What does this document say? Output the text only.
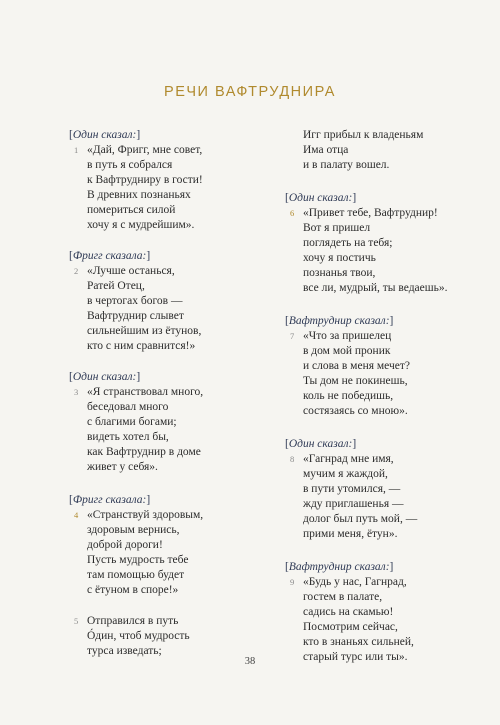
РЕЧИ ВАФТРУДНИРА
[Один сказал:]
1 «Дай, Фригг, мне совет,
в путь я собрался
к Вафтрудниру в гости!
В древних познаньях
помериться силой
хочу я с мудрейшим».
[Фригг сказала:]
2 «Лучше останься,
Ратей Отец,
в чертогах богов —
Вафтруднир слывет
сильнейшим из ётунов,
кто с ним сравнится!»
[Один сказал:]
3 «Я странствовал много,
беседовал много
с благими богами;
видеть хотел бы,
как Вафтруднир в доме
живет у себя».
[Фригг сказала:]
4 «Странствуй здоровым,
здоровым вернись,
доброй дороги!
Пусть мудрость тебе
там помощью будет
с ётуном в споре!»
5 Отправился в путь
Óдин, чтоб мудрость
турса изведать;
Игг прибыл к владеньям
Има отца
и в палату вошел.
[Один сказал:]
6 «Привет тебе, Вафтруднир!
Вот я пришел
поглядеть на тебя;
хочу я постичь
познанья твои,
все ли, мудрый, ты ведаешь».
[Вафтруднир сказал:]
7 «Что за пришелец
в дом мой проник
и слова в меня мечет?
Ты дом не покинешь,
коль не победишь,
состязаясь со мною».
[Один сказал:]
8 «Гагнрад мне имя,
мучим я жаждой,
в пути утомился, —
жду приглашенья —
долог был путь мой, —
прими меня, ётун».
[Вафтруднир сказал:]
9 «Будь у нас, Гагнрад,
гостем в палате,
садись на скамью!
Посмотрим сейчас,
кто в знаньях сильней,
старый турс или ты».
38
